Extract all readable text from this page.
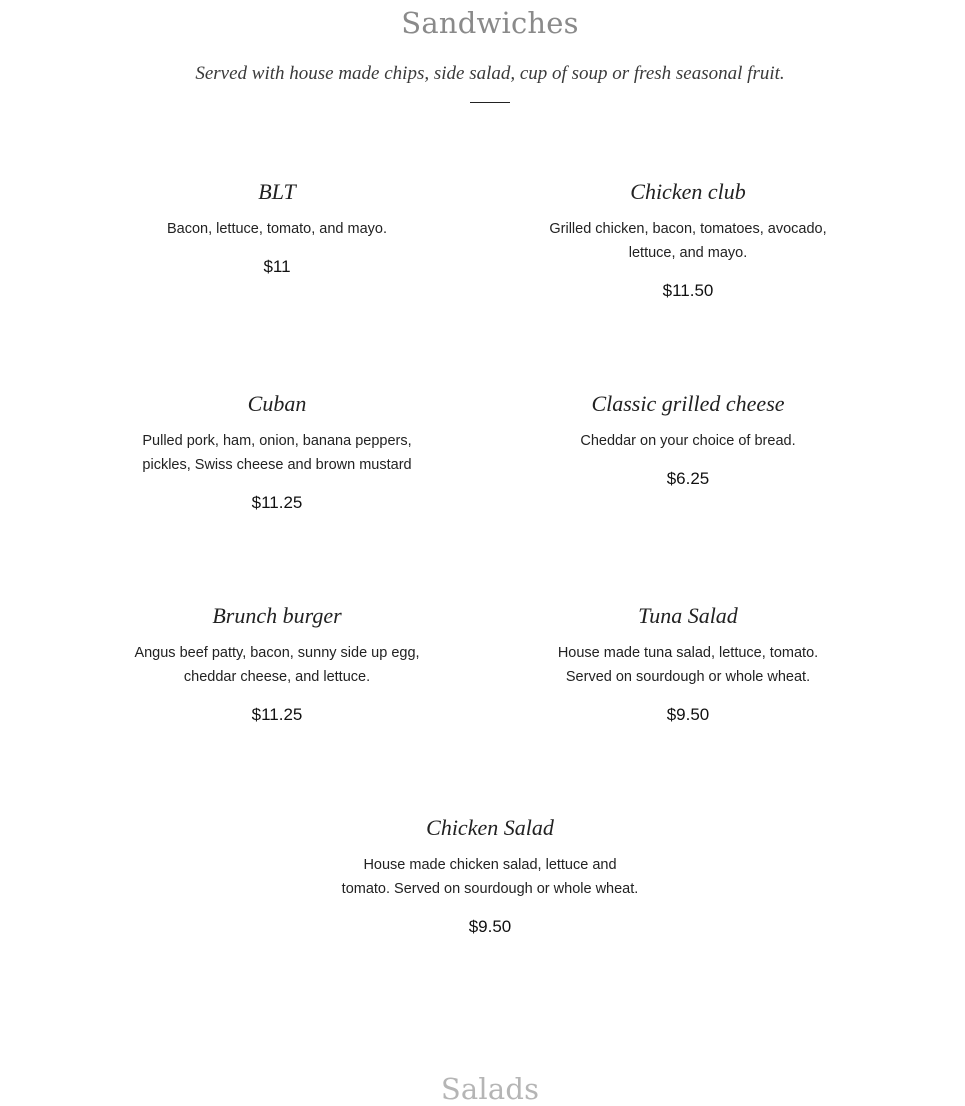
Sandwiches

Served with house made chips, side salad, cup of soup or fresh seasonal fruit.

BLT

Bacon, lettuce, tomato, and mayo.

$11

Chicken club

Grilled chicken, bacon, tomatoes, avocado, lettuce, and mayo.

$11.50

Cuban

Pulled pork, ham, onion, banana peppers, pickles, Swiss cheese and brown mustard

$11.25

Classic grilled cheese

Cheddar on your choice of bread.

$6.25

Brunch burger

Angus beef patty, bacon, sunny side up egg, cheddar cheese, and lettuce.

$11.25

Tuna Salad

House made tuna salad, lettuce, tomato. Served on sourdough or whole wheat.

$9.50

Chicken Salad

House made chicken salad, lettuce and tomato. Served on sourdough or whole wheat.

$9.50

Salads
